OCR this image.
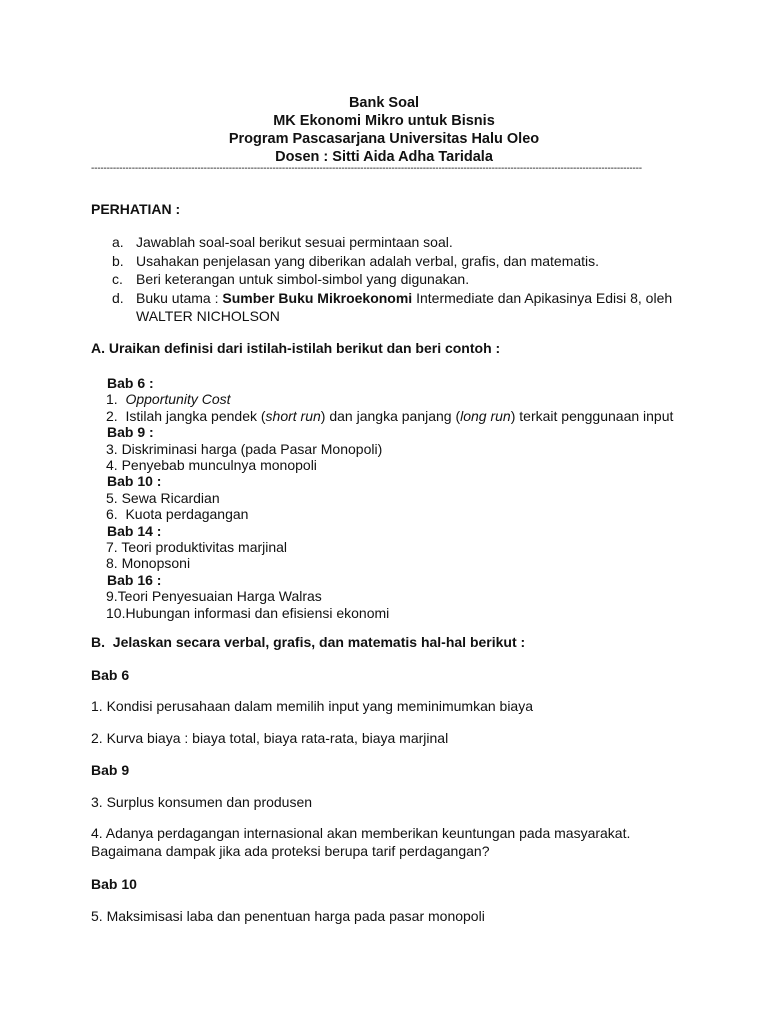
Bank Soal
MK Ekonomi Mikro untuk Bisnis
Program Pascasarjana Universitas Halu Oleo
Dosen : Sitti Aida Adha Taridala
--------------------------------------------------------------------------------------------------------------------------------------------------------------------------------
PERHATIAN :
a. Jawablah soal-soal berikut sesuai permintaan soal.
b. Usahakan penjelasan yang diberikan adalah verbal, grafis, dan matematis.
c. Beri keterangan untuk simbol-simbol yang digunakan.
d. Buku utama : Sumber Buku Mikroekonomi Intermediate dan Apikasinya Edisi 8, oleh
WALTER NICHOLSON
A. Uraikan definisi dari istilah-istilah berikut dan beri contoh :
Bab 6 :
1. Opportunity Cost
2.  Istilah jangka pendek (short run) dan jangka panjang (long run) terkait penggunaan input
Bab 9 :
3. Diskriminasi harga (pada Pasar Monopoli)
4. Penyebab munculnya monopoli
Bab 10 :
5. Sewa Ricardian
6.  Kuota perdagangan
Bab 14 :
7. Teori produktivitas marjinal
8. Monopsoni
Bab 16 :
9.Teori Penyesuaian Harga Walras
10.Hubungan informasi dan efisiensi ekonomi
B.  Jelaskan secara verbal, grafis, dan matematis hal-hal berikut :
Bab 6
1. Kondisi perusahaan dalam memilih input yang meminimumkan biaya
2. Kurva biaya : biaya total, biaya rata-rata, biaya marjinal
Bab 9
3. Surplus konsumen dan produsen
4. Adanya perdagangan internasional akan memberikan keuntungan pada masyarakat.
Bagaimana dampak jika ada proteksi berupa tarif perdagangan?
Bab 10
5. Maksimisasi laba dan penentuan harga pada pasar monopoli
